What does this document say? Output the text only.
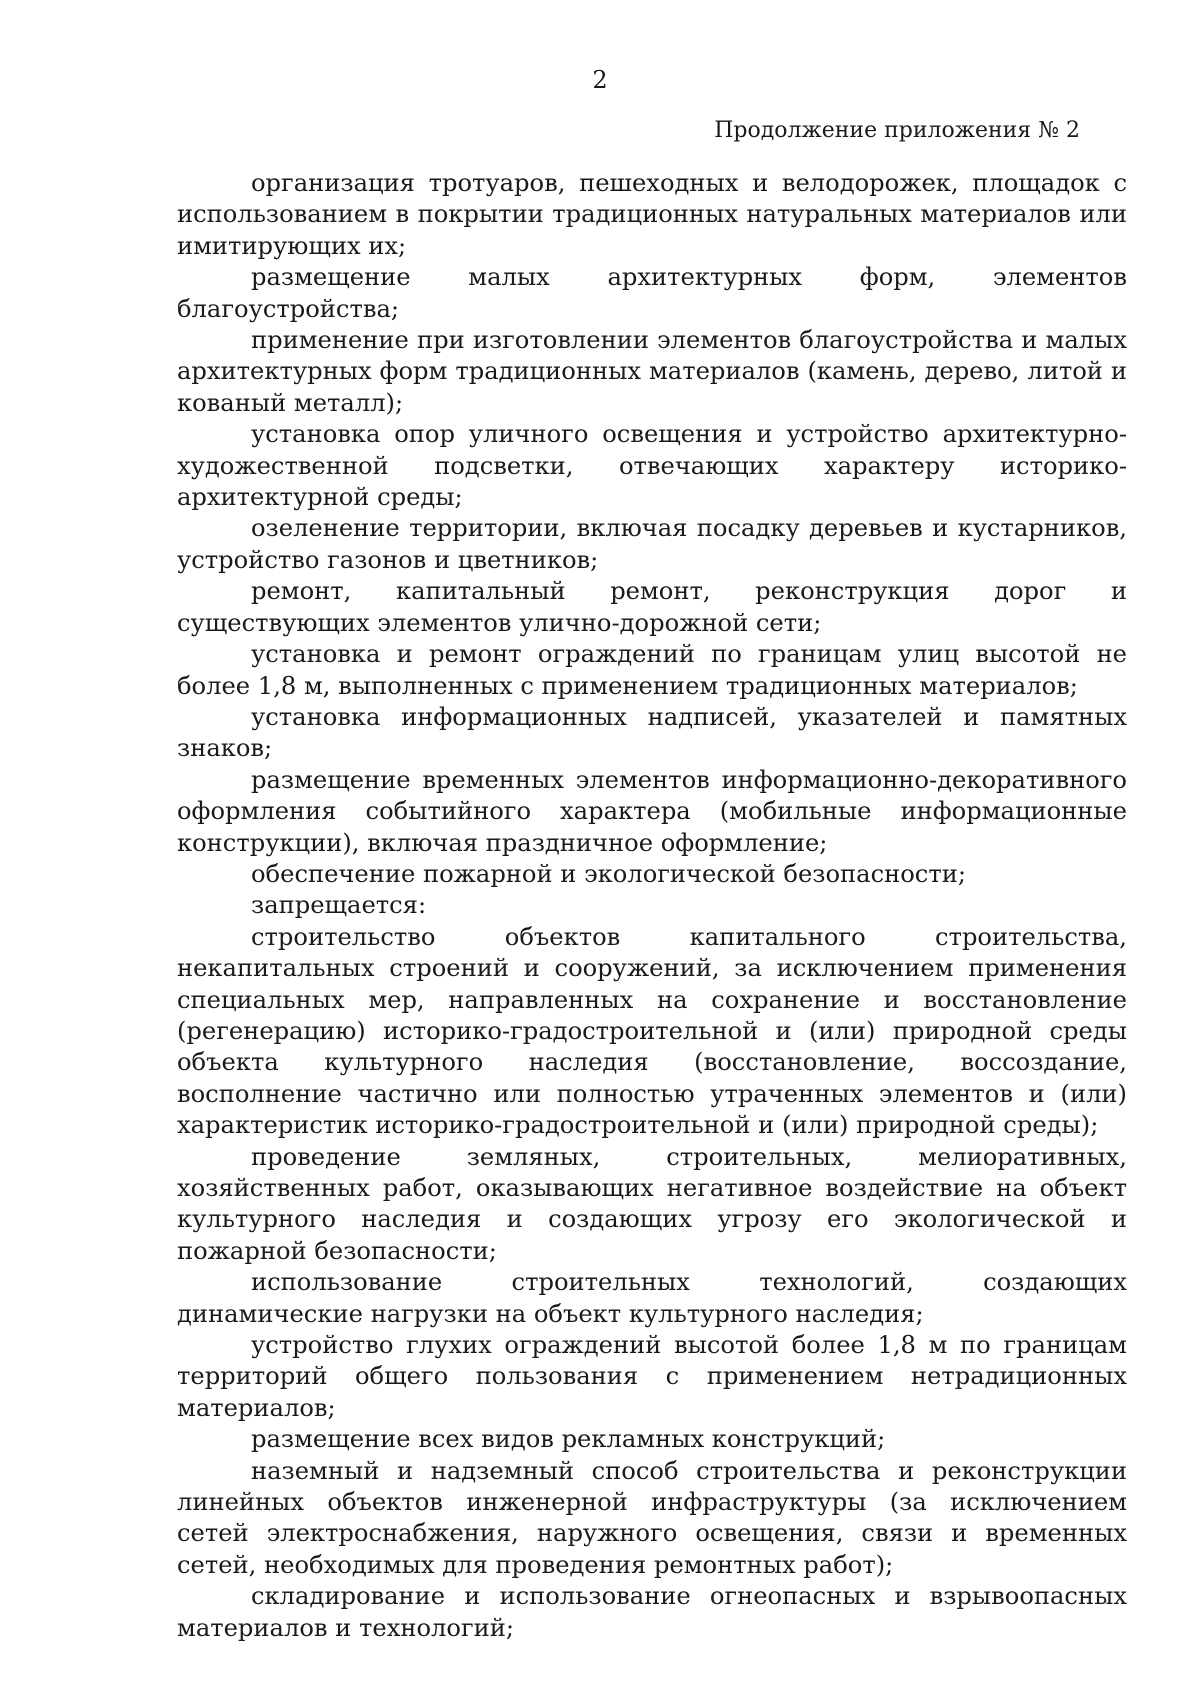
2
Продолжение приложения № 2

организация тротуаров, пешеходных и велодорожек, площадок с использованием в покрытии традиционных натуральных материалов или имитирующих их;

размещение малых архитектурных форм, элементов благоустройства;

применение при изготовлении элементов благоустройства и малых архитектурных форм традиционных материалов (камень, дерево, литой и кованый металл);

установка опор уличного освещения и устройство архитектурно-художественной подсветки, отвечающих характеру историко-архитектурной среды;

озеленение территории, включая посадку деревьев и кустарников, устройство газонов и цветников;

ремонт, капитальный ремонт, реконструкция дорог и существующих элементов улично-дорожной сети;

установка и ремонт ограждений по границам улиц высотой не более 1,8 м, выполненных с применением традиционных материалов;

установка информационных надписей, указателей и памятных знаков;

размещение временных элементов информационно-декоративного оформления событийного характера (мобильные информационные конструкции), включая праздничное оформление;

обеспечение пожарной и экологической безопасности;

запрещается:

строительство объектов капитального строительства, некапитальных строений и сооружений, за исключением применения специальных мер, направленных на сохранение и восстановление (регенерацию) историко-градостроительной и (или) природной среды объекта культурного наследия (восстановление, воссоздание, восполнение частично или полностью утраченных элементов и (или) характеристик историко-градостроительной и (или) природной среды);

проведение земляных, строительных, мелиоративных, хозяйственных работ, оказывающих негативное воздействие на объект культурного наследия и создающих угрозу его экологической и пожарной безопасности;

использование строительных технологий, создающих динамические нагрузки на объект культурного наследия;

устройство глухих ограждений высотой более 1,8 м по границам территорий общего пользования с применением нетрадиционных материалов;

размещение всех видов рекламных конструкций;

наземный и надземный способ строительства и реконструкции линейных объектов инженерной инфраструктуры (за исключением сетей электроснабжения, наружного освещения, связи и временных сетей, необходимых для проведения ремонтных работ);

складирование и использование огнеопасных и взрывоопасных материалов и технологий;
